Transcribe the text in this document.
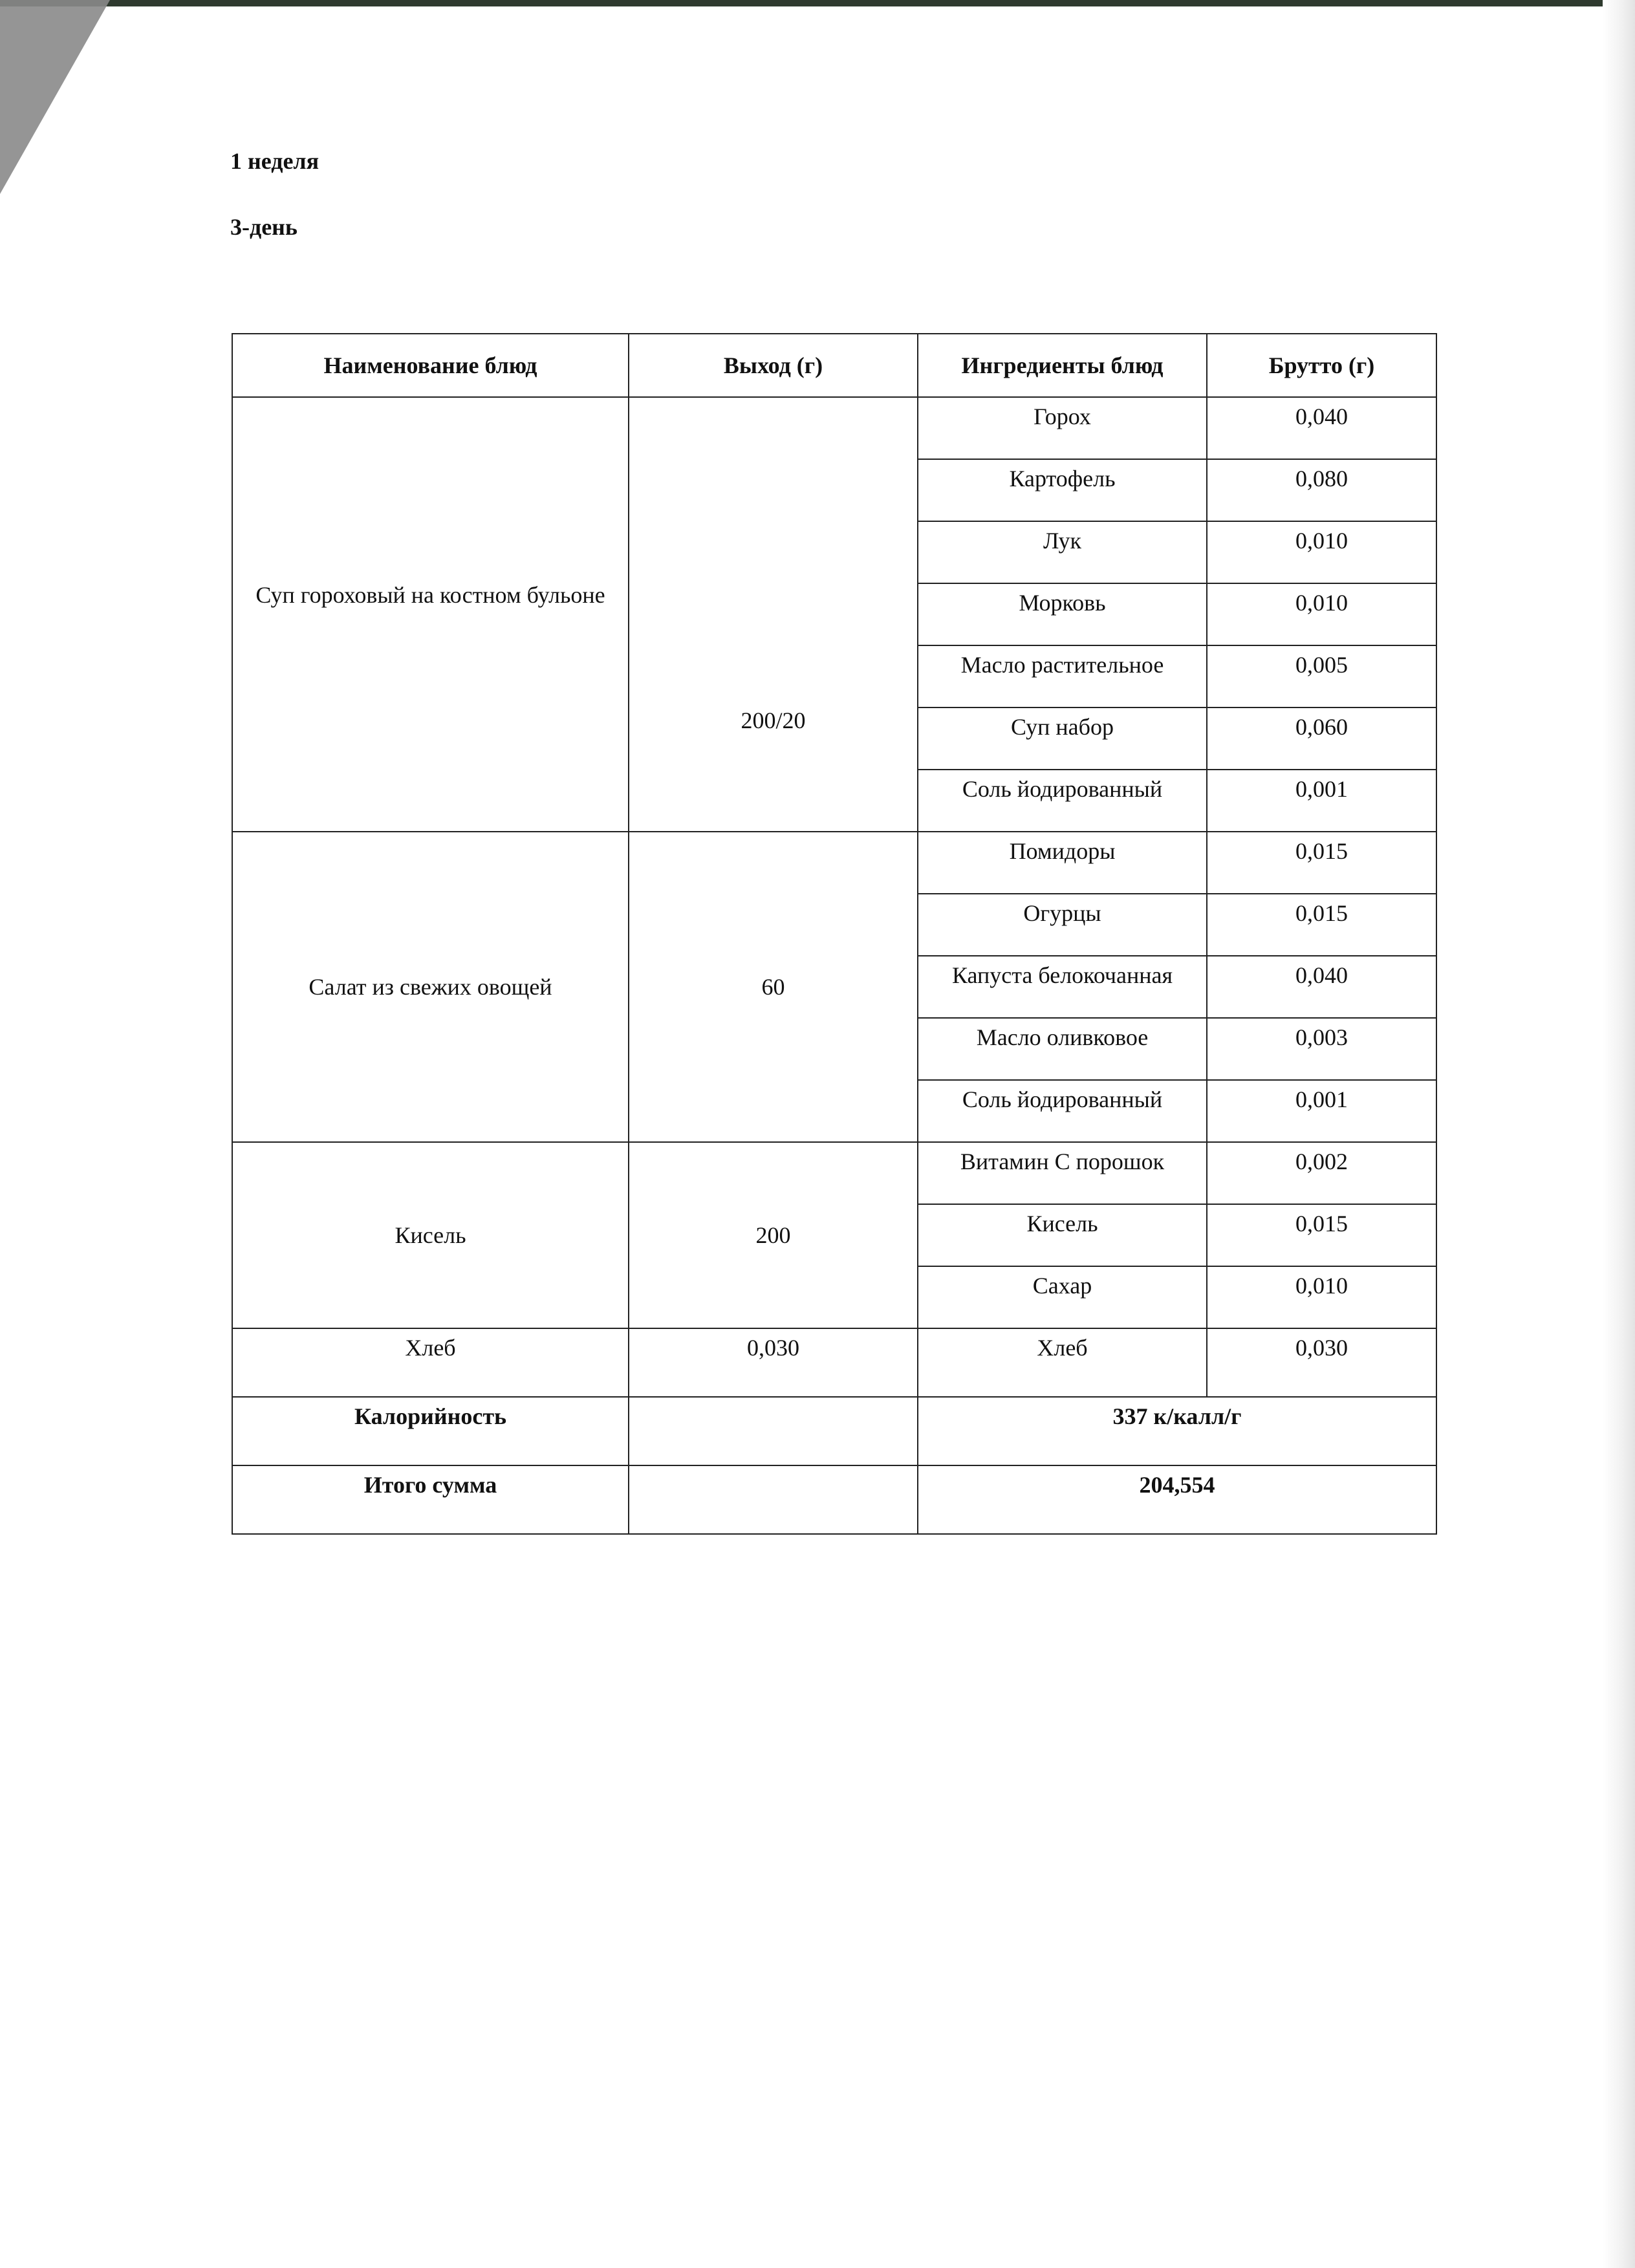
1 неделя
3-день
Наименование блюд	Выход (г)	Ингредиенты блюд	Брутто (г)
Суп гороховый на костном бульоне	200/20	Горох	0,040
		Картофель	0,080
		Лук	0,010
		Морковь	0,010
		Масло растительное	0,005
		Суп набор	0,060
		Соль йодированный	0,001
Салат из свежих овощей	60	Помидоры	0,015
		Огурцы	0,015
		Капуста белокочанная	0,040
		Масло оливковое	0,003
		Соль йодированный	0,001
Кисель	200	Витамин С порошок	0,002
		Кисель	0,015
		Сахар	0,010
Хлеб	0,030	Хлеб	0,030
Калорийность		337 к/калл/г	
Итого сумма		204,554	
